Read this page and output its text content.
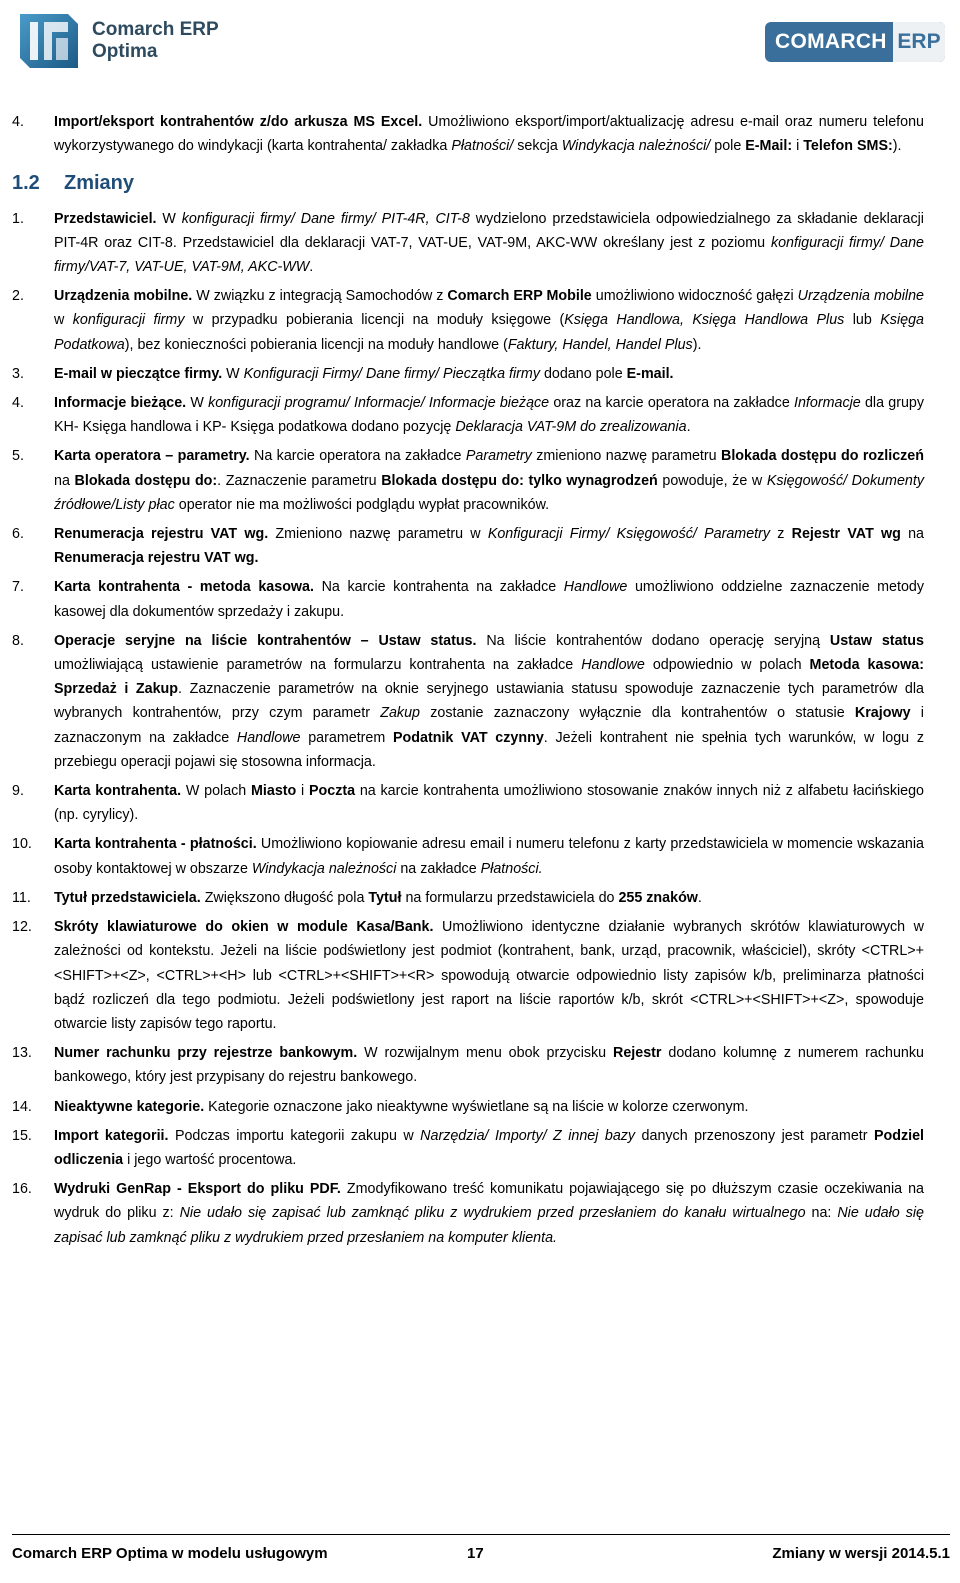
Comarch ERP
Optima	COMARCH ERP
4.	Import/eksport kontrahentów z/do arkusza MS Excel. Umożliwiono eksport/import/aktualizację adresu e-mail oraz numeru telefonu wykorzystywanego do windykacji (karta kontrahenta/ zakładka Płatności/ sekcja Windykacja należności/ pole E-Mail: i Telefon SMS:).
1.2	Zmiany
1.	Przedstawiciel. W konfiguracji firmy/ Dane firmy/ PIT-4R, CIT-8 wydzielono przedstawiciela odpowiedzialnego za składanie deklaracji PIT-4R oraz CIT-8. Przedstawiciel dla deklaracji VAT-7, VAT-UE, VAT-9M, AKC-WW określany jest z poziomu konfiguracji firmy/ Dane firmy/VAT-7, VAT-UE, VAT-9M, AKC-WW.
2.	Urządzenia mobilne. W związku z integracją Samochodów z Comarch ERP Mobile umożliwiono widoczność gałęzi Urządzenia mobilne w konfiguracji firmy w przypadku pobierania licencji na moduły księgowe (Księga Handlowa, Księga Handlowa Plus lub Księga Podatkowa), bez konieczności pobierania licencji na moduły handlowe (Faktury, Handel, Handel Plus).
3.	E-mail w pieczątce firmy. W Konfiguracji Firmy/ Dane firmy/ Pieczątka firmy dodano pole E-mail.
4.	Informacje bieżące. W konfiguracji programu/ Informacje/ Informacje bieżące oraz na karcie operatora na zakładce Informacje dla grupy KH- Księga handlowa i KP- Księga podatkowa dodano pozycję Deklaracja VAT-9M do zrealizowania.
5.	Karta operatora – parametry. Na karcie operatora na zakładce Parametry zmieniono nazwę parametru Blokada dostępu do rozliczeń na Blokada dostępu do:. Zaznaczenie parametru Blokada dostępu do: tylko wynagrodzeń powoduje, że w Księgowość/ Dokumenty źródłowe/Listy płac operator nie ma możliwości podglądu wypłat pracowników.
6.	Renumeracja rejestru VAT wg. Zmieniono nazwę parametru w Konfiguracji Firmy/ Księgowość/ Parametry z Rejestr VAT wg na Renumeracja rejestru VAT wg.
7.	Karta kontrahenta - metoda kasowa. Na karcie kontrahenta na zakładce Handlowe umożliwiono oddzielne zaznaczenie metody kasowej dla dokumentów sprzedaży i zakupu.
8.	Operacje seryjne na liście kontrahentów – Ustaw status. Na liście kontrahentów dodano operację seryjną Ustaw status umożliwiającą ustawienie parametrów na formularzu kontrahenta na zakładce Handlowe odpowiednio w polach Metoda kasowa: Sprzedaż i Zakup. Zaznaczenie parametrów na oknie seryjnego ustawiania statusu spowoduje zaznaczenie tych parametrów dla wybranych kontrahentów, przy czym parametr Zakup zostanie zaznaczony wyłącznie dla kontrahentów o statusie Krajowy i zaznaczonym na zakładce Handlowe parametrem Podatnik VAT czynny. Jeżeli kontrahent nie spełnia tych warunków, w logu z przebiegu operacji pojawi się stosowna informacja.
9.	Karta kontrahenta. W polach Miasto i Poczta na karcie kontrahenta umożliwiono stosowanie znaków innych niż z alfabetu łacińskiego (np. cyrylicy).
10.	Karta kontrahenta - płatności. Umożliwiono kopiowanie adresu email i numeru telefonu z karty przedstawiciela w momencie wskazania osoby kontaktowej w obszarze Windykacja należności na zakładce Płatności.
11.	Tytuł przedstawiciela. Zwiększono długość pola Tytuł na formularzu przedstawiciela do 255 znaków.
12.	Skróty klawiaturowe do okien w module Kasa/Bank. Umożliwiono identyczne działanie wybranych skrótów klawiaturowych w zależności od kontekstu. Jeżeli na liście podświetlony jest podmiot (kontrahent, bank, urząd, pracownik, właściciel), skróty <CTRL>+<SHIFT>+<Z>, <CTRL>+<H> lub <CTRL>+<SHIFT>+<R> spowodują otwarcie odpowiednio listy zapisów k/b, preliminarza płatności bądź rozliczeń dla tego podmiotu. Jeżeli podświetlony jest raport na liście raportów k/b, skrót <CTRL>+<SHIFT>+<Z>, spowoduje otwarcie listy zapisów tego raportu.
13.	Numer rachunku przy rejestrze bankowym. W rozwijalnym menu obok przycisku Rejestr dodano kolumnę z numerem rachunku bankowego, który jest przypisany do rejestru bankowego.
14.	Nieaktywne kategorie. Kategorie oznaczone jako nieaktywne wyświetlane są na liście w kolorze czerwonym.
15.	Import kategorii. Podczas importu kategorii zakupu w Narzędzia/ Importy/ Z innej bazy danych przenoszony jest parametr Podziel odliczenia i jego wartość procentowa.
16.	Wydruki GenRap - Eksport do pliku PDF. Zmodyfikowano treść komunikatu pojawiającego się po dłuższym czasie oczekiwania na wydruk do pliku z: Nie udało się zapisać lub zamknąć pliku z wydrukiem przed przesłaniem do kanału wirtualnego na: Nie udało się zapisać lub zamknąć pliku z wydrukiem przed przesłaniem na komputer klienta.
Comarch ERP Optima w modelu usługowym	17	Zmiany w wersji 2014.5.1
